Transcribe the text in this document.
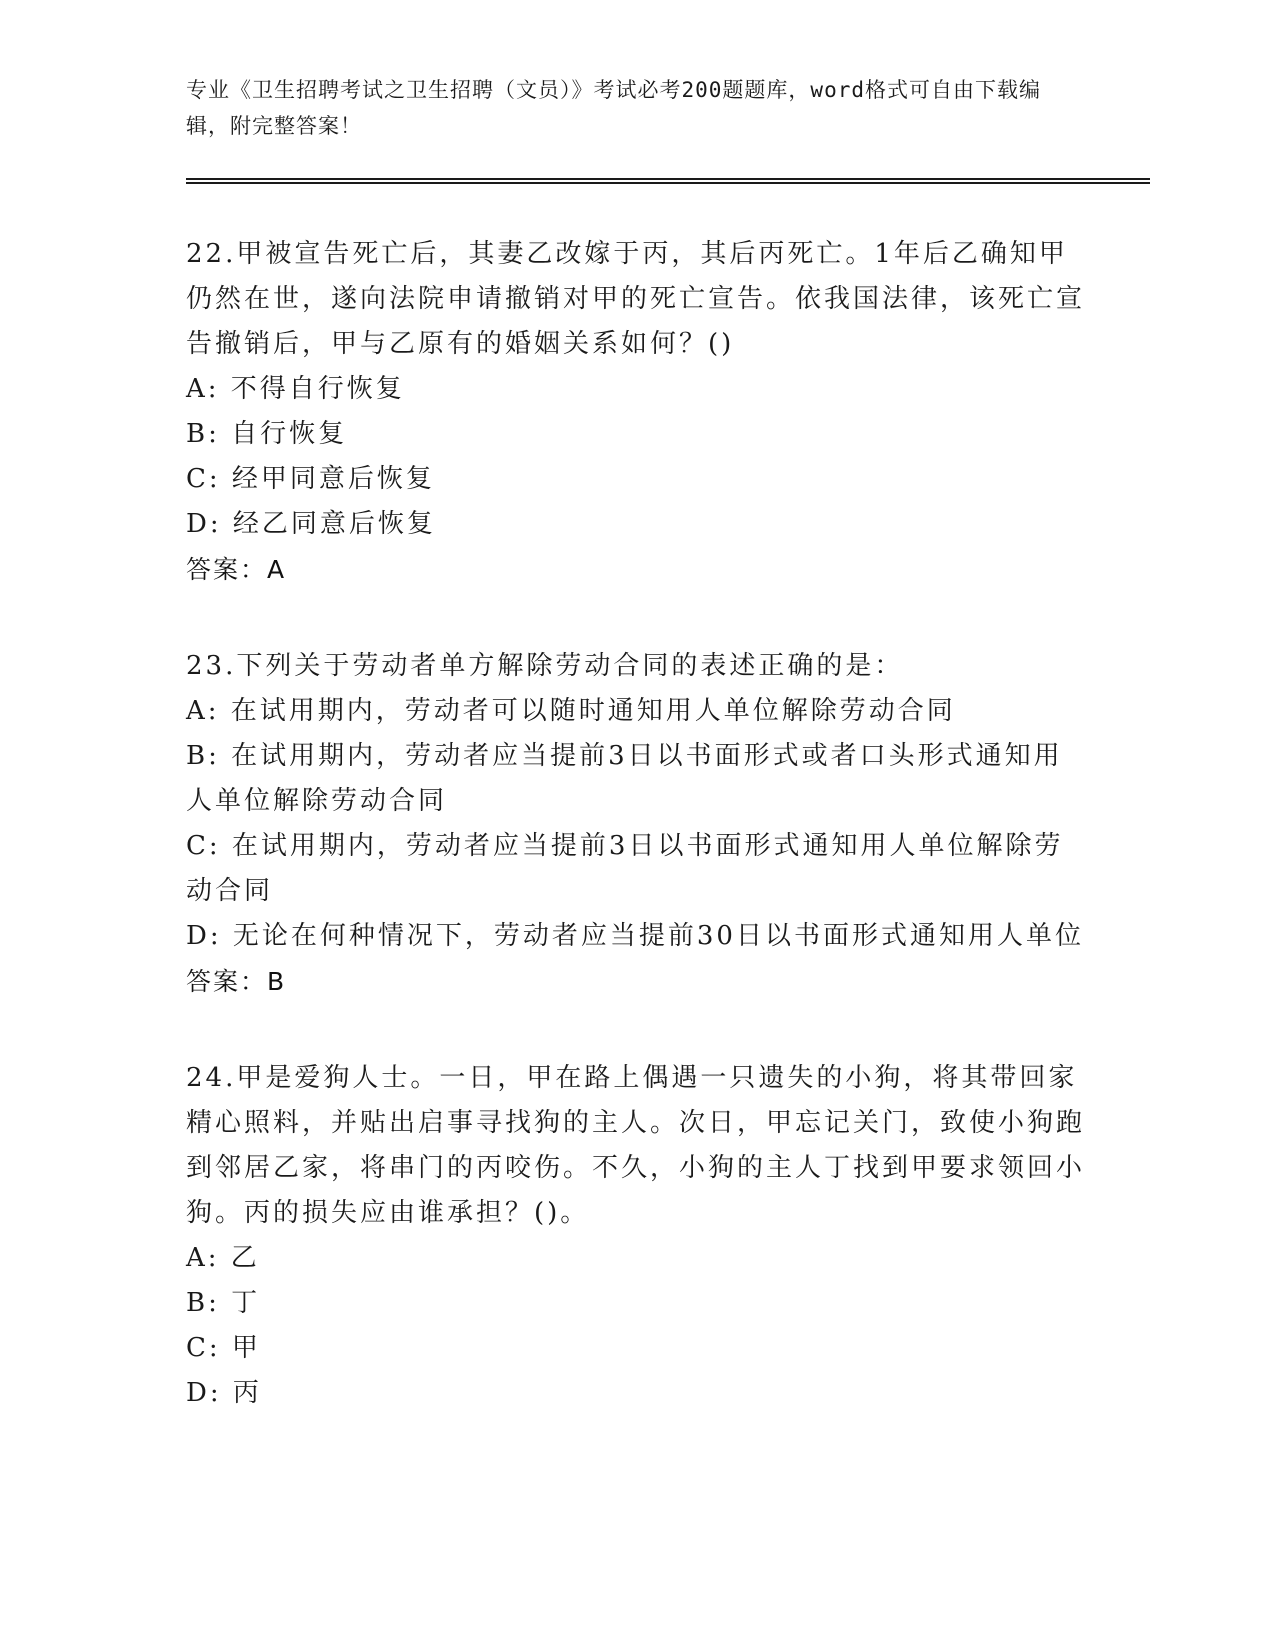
专业《卫生招聘考试之卫生招聘（文员）》考试必考200题题库，word格式可自由下载编辑，附完整答案！
22.甲被宣告死亡后，其妻乙改嫁于丙，其后丙死亡。1年后乙确知甲仍然在世，遂向法院申请撤销对甲的死亡宣告。依我国法律，该死亡宣告撤销后，甲与乙原有的婚姻关系如何？()
A: 不得自行恢复
B: 自行恢复
C: 经甲同意后恢复
D: 经乙同意后恢复
答案：A
23.下列关于劳动者单方解除劳动合同的表述正确的是：
A: 在试用期内，劳动者可以随时通知用人单位解除劳动合同
B: 在试用期内，劳动者应当提前3日以书面形式或者口头形式通知用人单位解除劳动合同
C: 在试用期内，劳动者应当提前3日以书面形式通知用人单位解除劳动合同
D: 无论在何种情况下，劳动者应当提前30日以书面形式通知用人单位
答案：B
24.甲是爱狗人士。一日，甲在路上偶遇一只遗失的小狗，将其带回家精心照料，并贴出启事寻找狗的主人。次日，甲忘记关门，致使小狗跑到邻居乙家，将串门的丙咬伤。不久，小狗的主人丁找到甲要求领回小狗。丙的损失应由谁承担？()。
A: 乙
B: 丁
C: 甲
D: 丙
